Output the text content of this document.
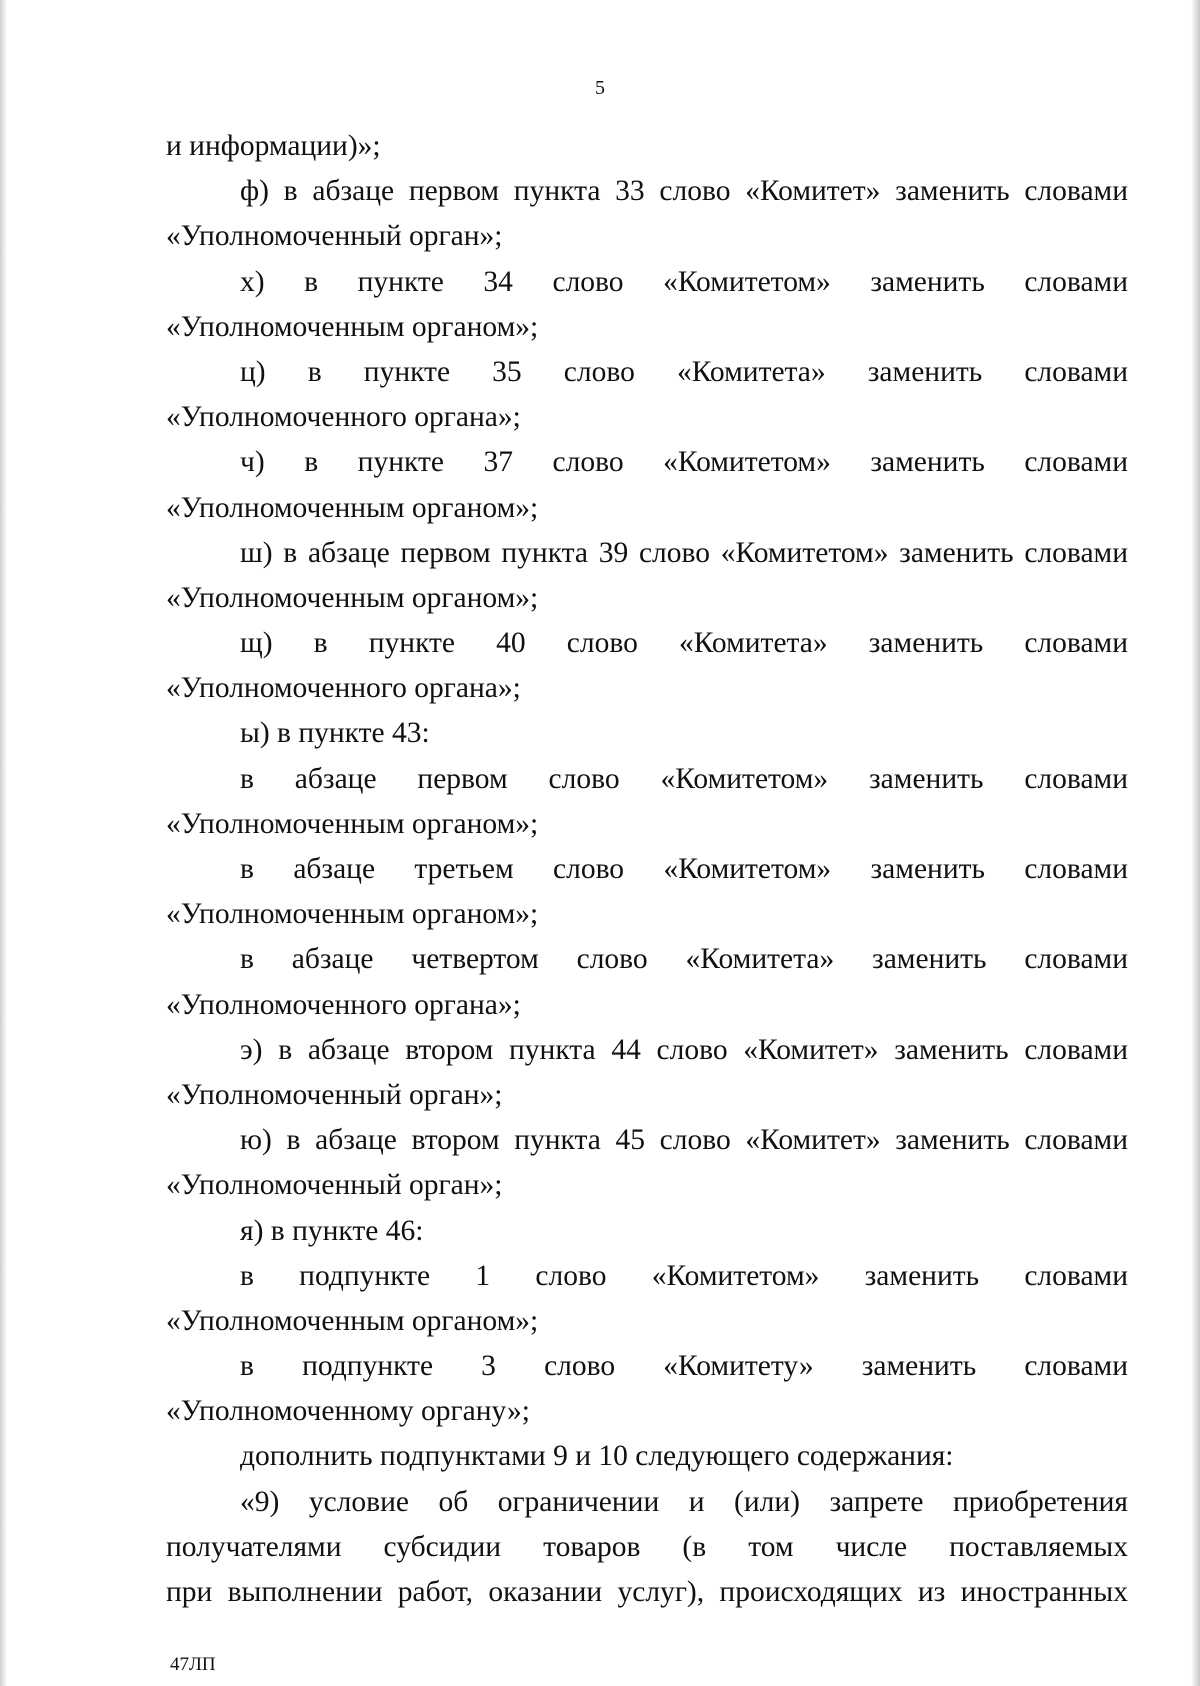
5
и информации)»;
ф) в абзаце первом пункта 33 слово «Комитет» заменить словами
«Уполномоченный орган»;
х) в пункте 34 слово «Комитетом» заменить словами
«Уполномоченным органом»;
ц) в пункте 35 слово «Комитета» заменить словами
«Уполномоченного органа»;
ч) в пункте 37 слово «Комитетом» заменить словами
«Уполномоченным органом»;
ш) в абзаце первом пункта 39 слово «Комитетом» заменить словами
«Уполномоченным органом»;
щ) в пункте 40 слово «Комитета» заменить словами
«Уполномоченного органа»;
ы) в пункте 43:
в абзаце первом слово «Комитетом» заменить словами
«Уполномоченным органом»;
в абзаце третьем слово «Комитетом» заменить словами
«Уполномоченным органом»;
в абзаце четвертом слово «Комитета» заменить словами
«Уполномоченного органа»;
э) в абзаце втором пункта 44 слово «Комитет» заменить словами
«Уполномоченный орган»;
ю) в абзаце втором пункта 45 слово «Комитет» заменить словами
«Уполномоченный орган»;
я) в пункте 46:
в подпункте 1 слово «Комитетом» заменить словами
«Уполномоченным органом»;
в подпункте 3 слово «Комитету» заменить словами
«Уполномоченному органу»;
дополнить подпунктами 9 и 10 следующего содержания:
«9) условие об ограничении и (или) запрете приобретения
получателями субсидии товаров (в том числе поставляемых
при выполнении работ, оказании услуг), происходящих из иностранных
47ЛП
